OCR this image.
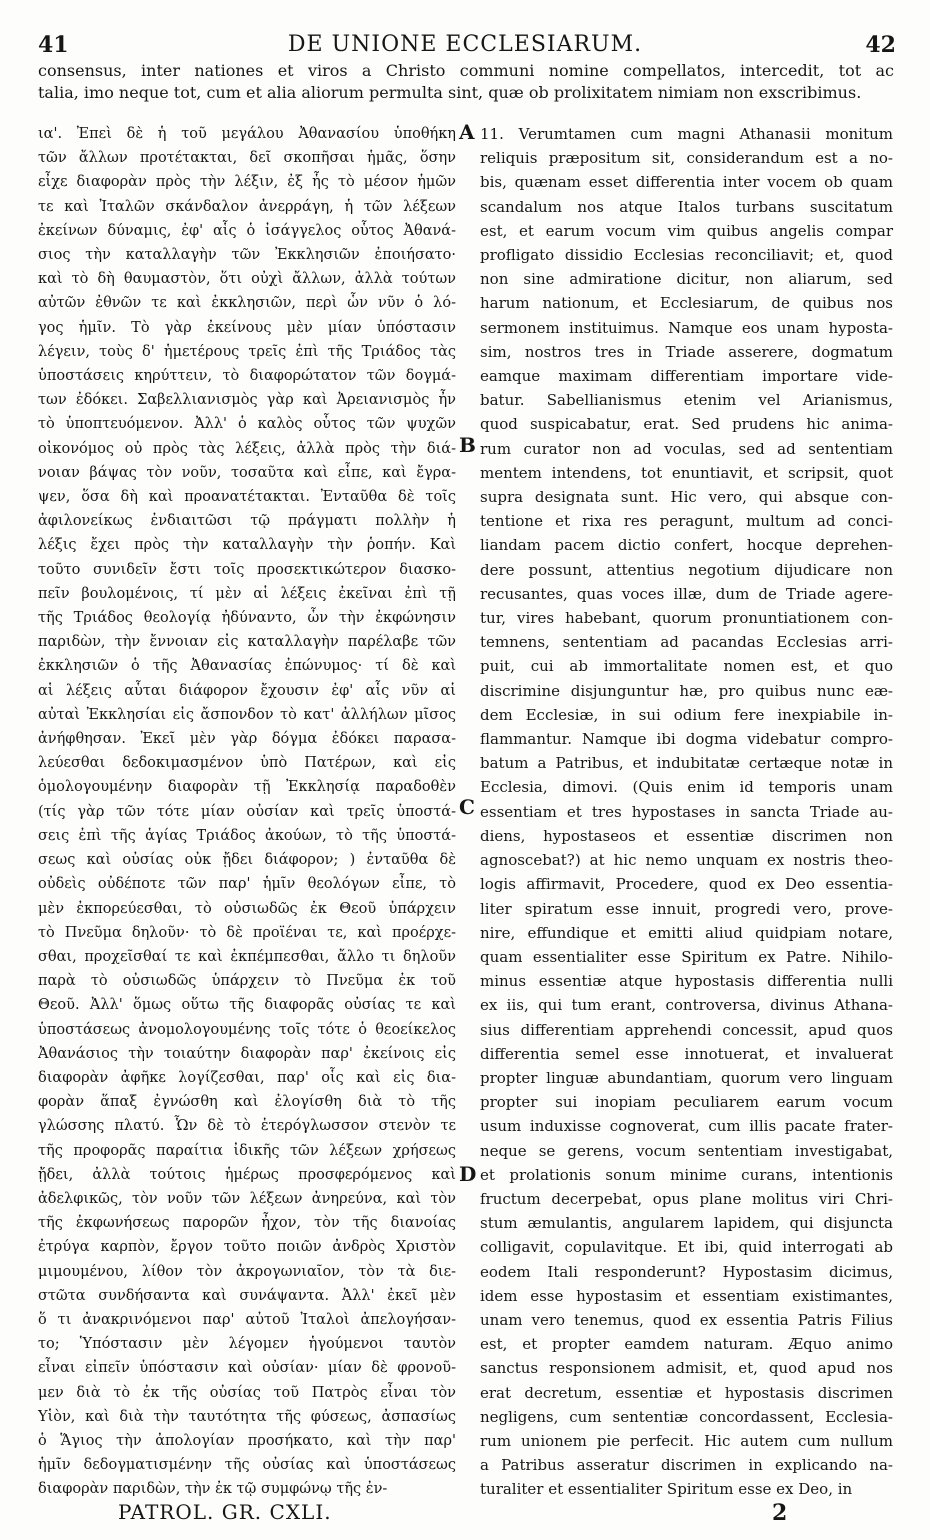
41	DE UNIONE ECCLESIARUM.	42
consensus, inter nationes et viros a Christo communi nomine compellatos, intercedit, tot ac
talia, imo neque tot, cum et alia aliorum permulta sint, quæ ob prolixitatem nimiam non exscribimus.
ια'. Ἐπεὶ δὲ ἡ τοῦ μεγάλου Ἀθανασίου ὑποθήκη
τῶν ἄλλων προτέτακται, δεῖ σκοπῆσαι ἡμᾶς, ὅσην
εἶχε διαφορὰν πρὸς τὴν λέξιν, ἐξ ἧς τὸ μέσον ἡμῶν
τε καὶ Ἰταλῶν σκάνδαλον ἀνερράγη, ἡ τῶν λέξεων
ἐκείνων δύναμις, ἐφ' αἷς ὁ ἰσάγγελος οὗτος Ἀθανά-
σιος τὴν καταλλαγὴν τῶν Ἐκκλησιῶν ἐποιήσατο·
καὶ τὸ δὴ θαυμαστὸν, ὅτι οὐχὶ ἄλλων, ἀλλὰ τούτων
αὐτῶν ἐθνῶν τε καὶ ἐκκλησιῶν, περὶ ὧν νῦν ὁ λό-
γος ἡμῖν. Τὸ γὰρ ἐκείνους μὲν μίαν ὑπόστασιν
λέγειν, τοὺς δ' ἡμετέρους τρεῖς ἐπὶ τῆς Τριάδος τὰς
ὑποστάσεις κηρύττειν, τὸ διαφορώτατον τῶν δογμά-
των ἐδόκει. Σαβελλιανισμὸς γὰρ καὶ Ἀρειανισμὸς ἦν
τὸ ὑποπτευόμενον. Ἀλλ' ὁ καλὸς οὗτος τῶν ψυχῶν
οἰκονόμος οὐ πρὸς τὰς λέξεις, ἀλλὰ πρὸς τὴν διά-
νοιαν βάψας τὸν νοῦν, τοσαῦτα καὶ εἶπε, καὶ ἔγρα-
ψεν, ὅσα δὴ καὶ προανατέτακται. Ἐνταῦθα δὲ τοῖς
ἀφιλονείκως ἐνδιαιτῶσι τῷ πράγματι πολλὴν ἡ
λέξις ἔχει πρὸς τὴν καταλλαγὴν τὴν ῥοπήν. Καὶ
τοῦτο συνιδεῖν ἔστι τοῖς προσεκτικώτερον διασκο-
πεῖν βουλομένοις, τί μὲν αἱ λέξεις ἐκεῖναι ἐπὶ τῇ
τῆς Τριάδος θεολογίᾳ ἠδύναντο, ὧν τὴν ἐκφώνησιν
παριδὼν, τὴν ἔννοιαν εἰς καταλλαγὴν παρέλαβε τῶν
ἐκκλησιῶν ὁ τῆς Ἀθανασίας ἐπώνυμος· τί δὲ καὶ
αἱ λέξεις αὗται διάφορον ἔχουσιν ἐφ' αἷς νῦν αἱ
αὐταὶ Ἐκκλησίαι εἰς ἄσπονδον τὸ κατ' ἀλλήλων μῖσος
ἀνήφθησαν. Ἐκεῖ μὲν γὰρ δόγμα ἐδόκει παρασα-
λεύεσθαι δεδοκιμασμένον ὑπὸ Πατέρων, καὶ εἰς
ὁμολογουμένην διαφορὰν τῇ Ἐκκλησίᾳ παραδοθὲν
(τίς γὰρ τῶν τότε μίαν οὐσίαν καὶ τρεῖς ὑποστά-
σεις ἐπὶ τῆς ἁγίας Τριάδος ἀκούων, τὸ τῆς ὑποστά-
σεως καὶ οὐσίας οὐκ ᾔδει διάφορον; ) ἐνταῦθα δὲ
οὐδεὶς οὐδέποτε τῶν παρ' ἡμῖν θεολόγων εἶπε, τὸ
μὲν ἐκπορεύεσθαι, τὸ οὐσιωδῶς ἐκ Θεοῦ ὑπάρχειν
τὸ Πνεῦμα δηλοῦν· τὸ δὲ προϊέναι τε, καὶ προέρχε-
σθαι, προχεῖσθαί τε καὶ ἐκπέμπεσθαι, ἄλλο τι δηλοῦν
παρὰ τὸ οὐσιωδῶς ὑπάρχειν τὸ Πνεῦμα ἐκ τοῦ
Θεοῦ. Ἀλλ' ὅμως οὕτω τῆς διαφορᾶς οὐσίας τε καὶ
ὑποστάσεως ἀνομολογουμένης τοῖς τότε ὁ θεοείκελος
Ἀθανάσιος τὴν τοιαύτην διαφορὰν παρ' ἐκείνοις εἰς
διαφορὰν ἀφῆκε λογίζεσθαι, παρ' οἷς καὶ εἰς δια-
φορὰν ἅπαξ ἐγνώσθη καὶ ἐλογίσθη διὰ τὸ τῆς
γλώσσης πλατύ. Ὧν δὲ τὸ ἑτερόγλωσσον στενὸν τε
τῆς προφορᾶς παραίτια ἰδικῆς τῶν λέξεων χρήσεως
ᾔδει, ἀλλὰ τούτοις ἡμέρως προσφερόμενος καὶ
ἀδελφικῶς, τὸν νοῦν τῶν λέξεων ἀνηρεύνα, καὶ τὸν
τῆς ἐκφωνήσεως παρορῶν ἦχον, τὸν τῆς διανοίας
ἐτρύγα καρπὸν, ἔργον τοῦτο ποιῶν ἀνδρὸς Χριστὸν
μιμουμένου, λίθον τὸν ἀκρογωνιαῖον, τὸν τὰ διε-
στῶτα συνδήσαντα καὶ συνάψαντα. Ἀλλ' ἐκεῖ μὲν
ὅ τι ἀνακρινόμενοι παρ' αὐτοῦ Ἰταλοὶ ἀπελογήσαν-
το; Ὑπόστασιν μὲν λέγομεν ἡγούμενοι ταυτὸν
εἶναι εἰπεῖν ὑπόστασιν καὶ οὐσίαν· μίαν δὲ φρονοῦ-
μεν διὰ τὸ ἐκ τῆς οὐσίας τοῦ Πατρὸς εἶναι τὸν
Υἱὸν, καὶ διὰ τὴν ταυτότητα τῆς φύσεως, ἀσπασίως
ὁ Ἅγιος τὴν ἀπολογίαν προσήκατο, καὶ τὴν παρ'
ἡμῖν δεδογματισμένην τῆς οὐσίας καὶ ὑποστάσεως
διαφορὰν παριδὼν, τὴν ἐκ τῷ συμφώνῳ τῆς ἐν-
11. Verumtamen cum magni Athanasii monitum
reliquis præpositum sit, considerandum est a no-
bis, quænam esset differentia inter vocem ob quam
scandalum nos atque Italos turbans suscitatum
est, et earum vocum vim quibus angelis compar
profligato dissidio Ecclesias reconciliavit; et, quod
non sine admiratione dicitur, non aliarum, sed
harum nationum, et Ecclesiarum, de quibus nos
sermonem instituimus. Namque eos unam hyposta-
sim, nostros tres in Triade asserere, dogmatum
eamque maximam differentiam importare vide-
batur. Sabellianismus etenim vel Arianismus,
quod suspicabatur, erat. Sed prudens hic anima-
rum curator non ad voculas, sed ad sententiam
mentem intendens, tot enuntiavit, et scripsit, quot
supra designata sunt. Hic vero, qui absque con-
tentione et rixa res peragunt, multum ad conci-
liandam pacem dictio confert, hocque deprehen-
dere possunt, attentius negotium dijudicare non
recusantes, quas voces illæ, dum de Triade agere-
tur, vires habebant, quorum pronuntiationem con-
temnens, sententiam ad pacandas Ecclesias arri-
puit, cui ab immortalitate nomen est, et quo
discrimine disjunguntur hæ, pro quibus nunc eæ-
dem Ecclesiæ, in sui odium fere inexpiabile in-
flammantur. Namque ibi dogma videbatur compro-
batum a Patribus, et indubitatæ certæque notæ in
Ecclesia, dimovi. (Quis enim id temporis unam
essentiam et tres hypostases in sancta Triade au-
diens, hypostaseos et essentiæ discrimen non
agnoscebat?) at hic nemo unquam ex nostris theo-
logis affirmavit, Procedere, quod ex Deo essentia-
liter spiratum esse innuit, progredi vero, prove-
nire, effundique et emitti aliud quidpiam notare,
quam essentialiter esse Spiritum ex Patre. Nihilo-
minus essentiæ atque hypostasis differentia nulli
ex iis, qui tum erant, controversa, divinus Athana-
sius differentiam apprehendi concessit, apud quos
differentia semel esse innotuerat, et invaluerat
propter linguæ abundantiam, quorum vero linguam
propter sui inopiam peculiarem earum vocum
usum induxisse cognoverat, cum illis pacate frater-
neque se gerens, vocum sententiam investigabat,
et prolationis sonum minime curans, intentionis
fructum decerpebat, opus plane molitus viri Chri-
stum æmulantis, angularem lapidem, qui disjuncta
colligavit, copulavitque. Et ibi, quid interrogati ab
eodem Itali responderunt? Hypostasim dicimus,
idem esse hypostasim et essentiam existimantes,
unam vero tenemus, quod ex essentia Patris Filius
est, et propter eamdem naturam. Æquo animo
sanctus responsionem admisit, et, quod apud nos
erat decretum, essentiæ et hypostasis discrimen
negligens, cum sententiæ concordassent, Ecclesia-
rum unionem pie perfecit. Hic autem cum nullum
a Patribus asseratur discrimen in explicando na-
turaliter et essentialiter Spiritum esse ex Deo, in
A
B
C
D
PATROL. GR. CXLI.	2
